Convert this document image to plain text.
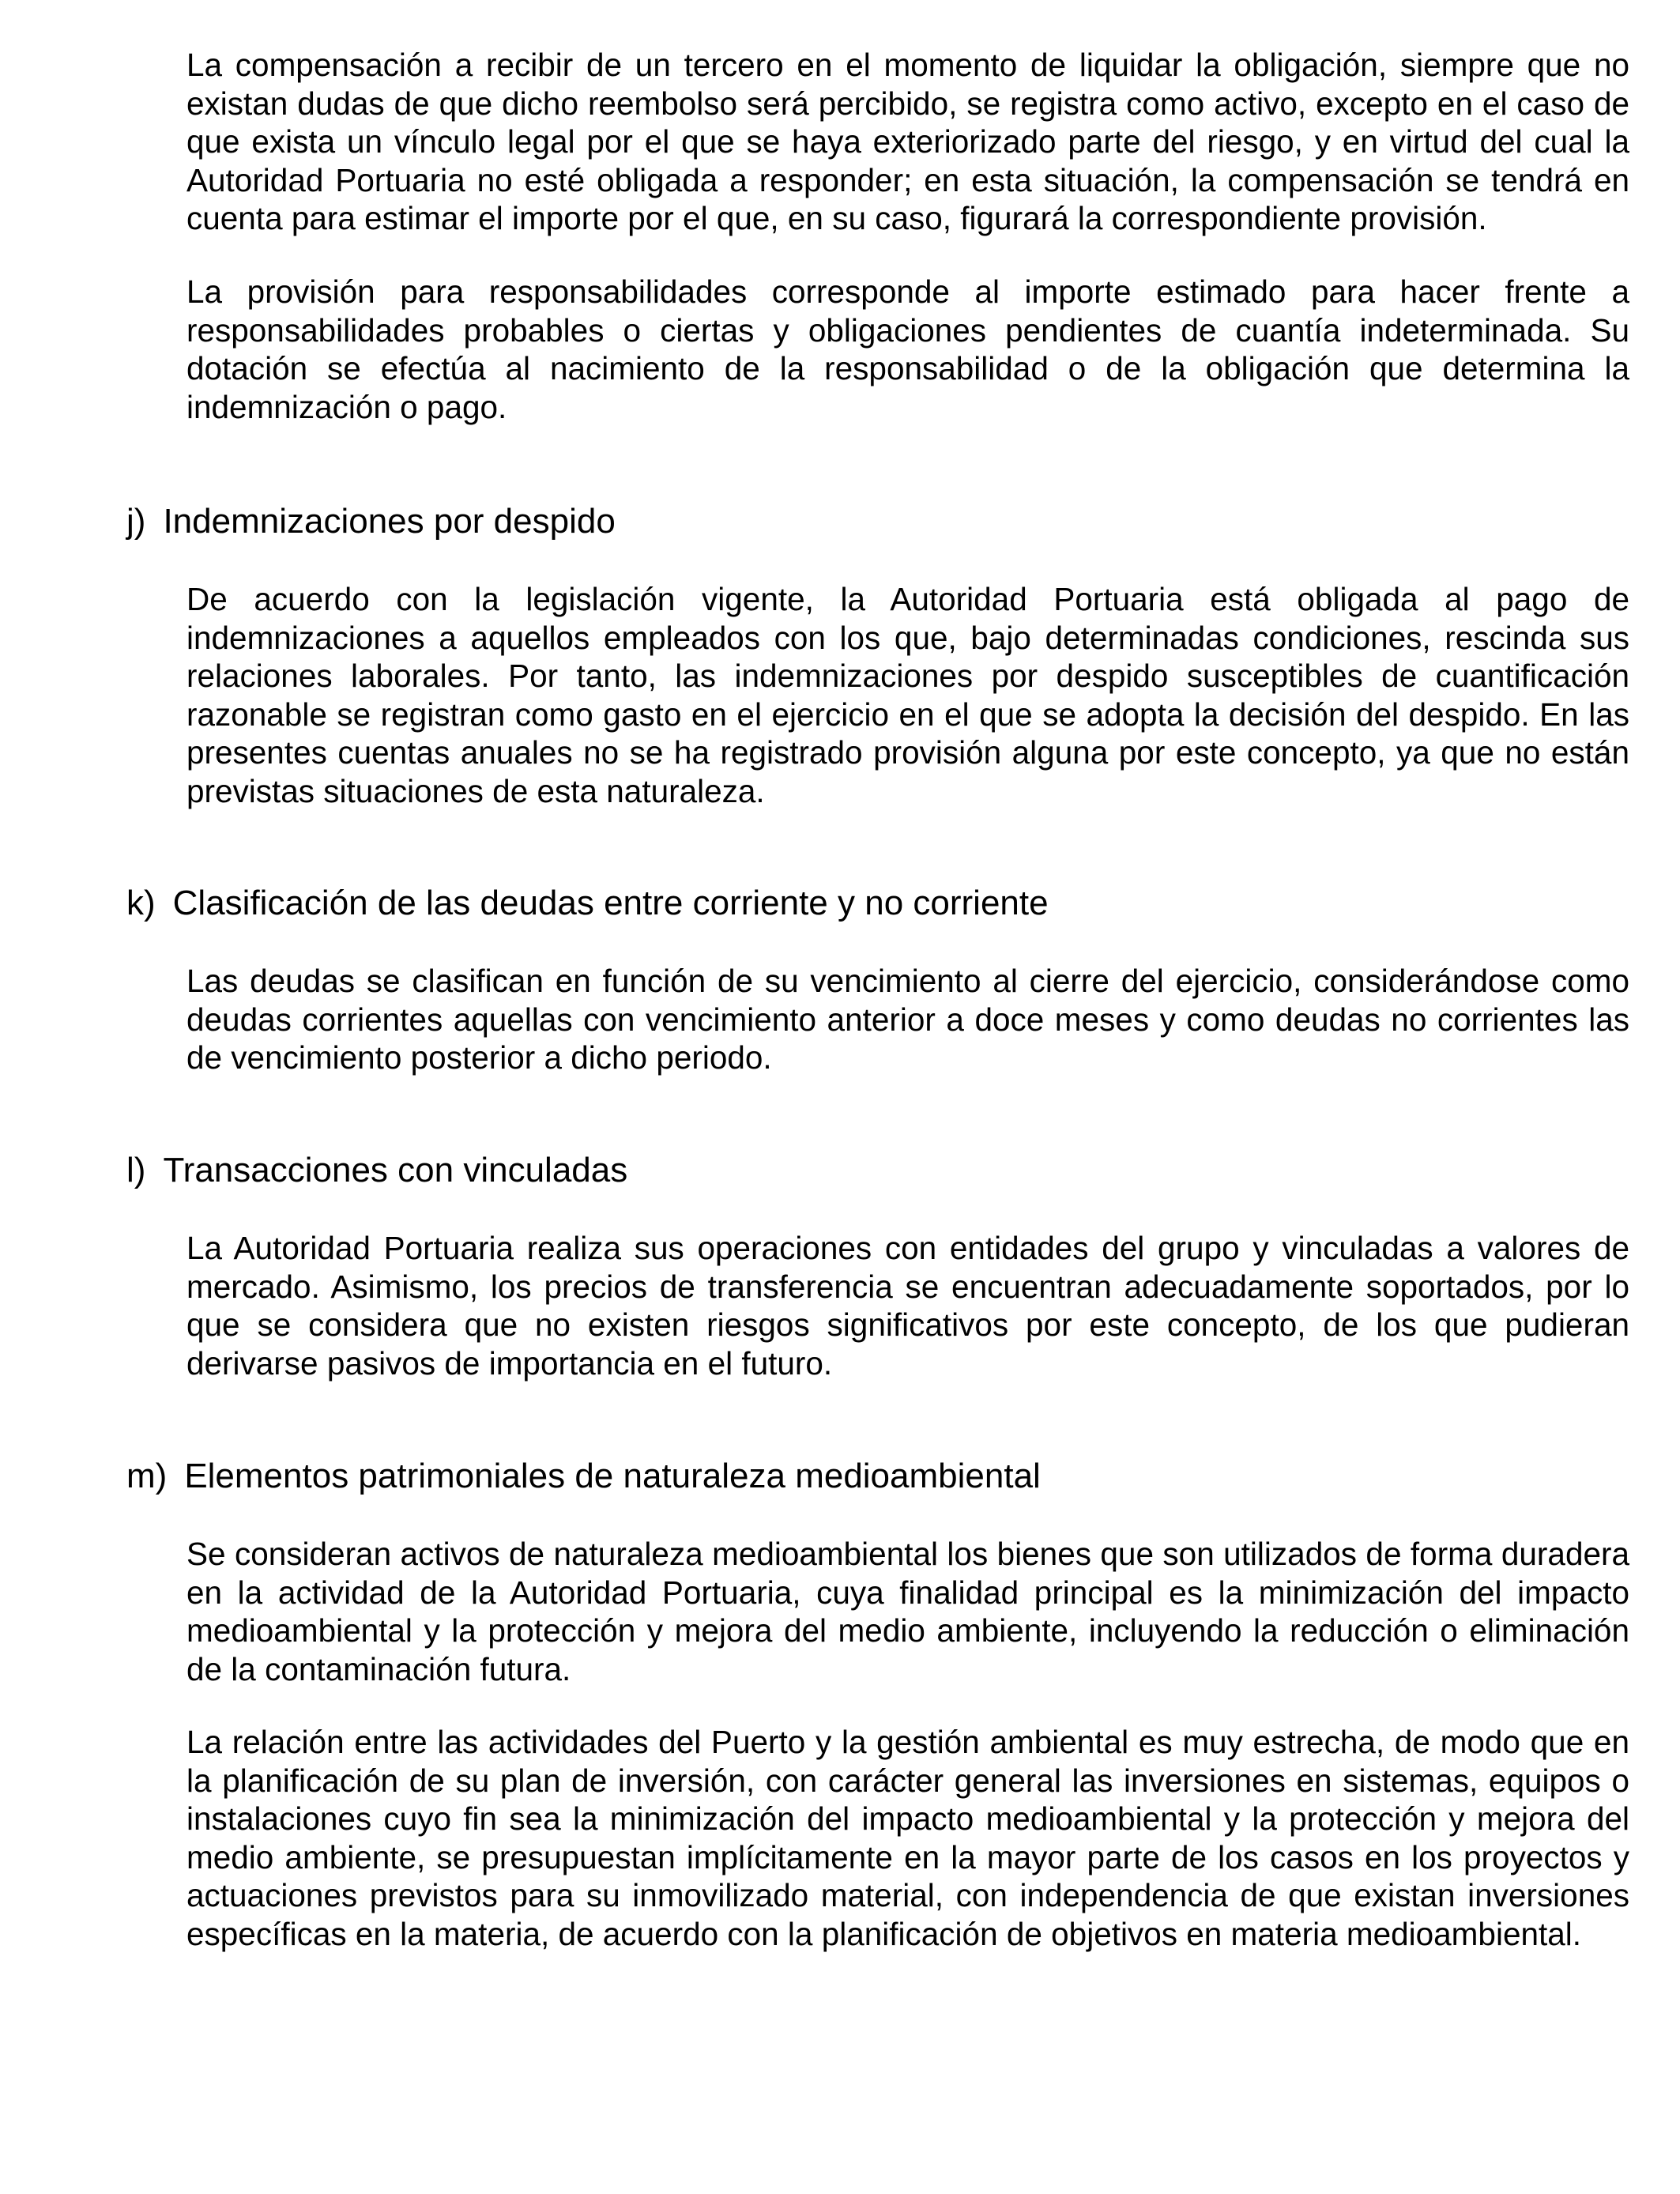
La compensación a recibir de un tercero en el momento de liquidar la obligación, siempre que no existan dudas de que dicho reembolso será percibido, se registra como activo, excepto en el caso de que exista un vínculo legal por el que se haya exteriorizado parte del riesgo, y en virtud del cual la Autoridad Portuaria no esté obligada a responder; en esta situación, la compensación se tendrá en cuenta para estimar el importe por el que, en su caso, figurará la correspondiente provisión.

La provisión para responsabilidades corresponde al importe estimado para hacer frente a responsabilidades probables o ciertas y obligaciones pendientes de cuantía indeterminada. Su dotación se efectúa al nacimiento de la responsabilidad o de la obligación que determina la indemnización o pago.

j) Indemnizaciones por despido

De acuerdo con la legislación vigente, la Autoridad Portuaria está obligada al pago de indemnizaciones a aquellos empleados con los que, bajo determinadas condiciones, rescinda sus relaciones laborales. Por tanto, las indemnizaciones por despido susceptibles de cuantificación razonable se registran como gasto en el ejercicio en el que se adopta la decisión del despido. En las presentes cuentas anuales no se ha registrado provisión alguna por este concepto, ya que no están previstas situaciones de esta naturaleza.

k) Clasificación de las deudas entre corriente y no corriente

Las deudas se clasifican en función de su vencimiento al cierre del ejercicio, considerándose como deudas corrientes aquellas con vencimiento anterior a doce meses y como deudas no corrientes las de vencimiento posterior a dicho periodo.

l) Transacciones con vinculadas

La Autoridad Portuaria realiza sus operaciones con entidades del grupo y vinculadas a valores de mercado. Asimismo, los precios de transferencia se encuentran adecuadamente soportados, por lo que se considera que no existen riesgos significativos por este concepto, de los que pudieran derivarse pasivos de importancia en el futuro.

m) Elementos patrimoniales de naturaleza medioambiental

Se consideran activos de naturaleza medioambiental los bienes que son utilizados de forma duradera en la actividad de la Autoridad Portuaria, cuya finalidad principal es la minimización del impacto medioambiental y la protección y mejora del medio ambiente, incluyendo la reducción o eliminación de la contaminación futura.

La relación entre las actividades del Puerto y la gestión ambiental es muy estrecha, de modo que en la planificación de su plan de inversión, con carácter general las inversiones en sistemas, equipos o instalaciones cuyo fin sea la minimización del impacto medioambiental y la protección y mejora del medio ambiente, se presupuestan implícitamente en la mayor parte de los casos en los proyectos y actuaciones previstos para su inmovilizado material, con independencia de que existan inversiones específicas en la materia, de acuerdo con la planificación de objetivos en materia medioambiental.
